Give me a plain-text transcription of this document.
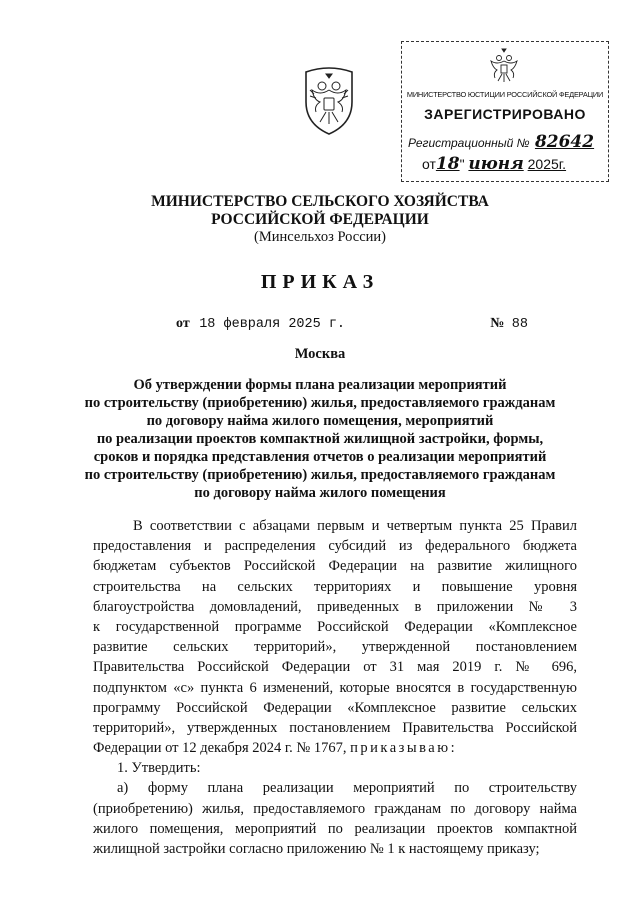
МИНИСТЕРСТВО ЮСТИЦИИ РОССИЙСКОЙ ФЕДЕРАЦИИ
ЗАРЕГИСТРИРОВАНО
Регистрационный № 82642
от18" июня 2025г.
МИНИСТЕРСТВО СЕЛЬСКОГО ХОЗЯЙСТВА
РОССИЙСКОЙ ФЕДЕРАЦИИ
(Минсельхоз России)
ПРИКАЗ
от 18 февраля 2025 г.	№ 88
Москва
Об утверждении формы плана реализации мероприятий
по строительству (приобретению) жилья, предоставляемого гражданам
по договору найма жилого помещения, мероприятий
по реализации проектов компактной жилищной застройки, формы,
сроков и порядка представления отчетов о реализации мероприятий
по строительству (приобретению) жилья, предоставляемого гражданам
по договору найма жилого помещения
В соответствии с абзацами первым и четвертым пункта 25 Правил
предоставления и распределения субсидий из федерального бюджета
бюджетам субъектов Российской Федерации на развитие жилищного
строительства на сельских территориях и повышение уровня
благоустройства домовладений, приведенных в приложении № 3
к государственной программе Российской Федерации «Комплексное
развитие сельских территорий», утвержденной постановлением
Правительства Российской Федерации от 31 мая 2019 г. № 696,
подпунктом «с» пункта 6 изменений, которые вносятся в государственную
программу Российской Федерации «Комплексное развитие сельских
территорий», утвержденных постановлением Правительства Российской
Федерации от 12 декабря 2024 г. № 1767, приказываю:
1. Утвердить:
а) форму плана реализации мероприятий по строительству
(приобретению) жилья, предоставляемого гражданам по договору найма
жилого помещения, мероприятий по реализации проектов компактной
жилищной застройки согласно приложению № 1 к настоящему приказу;
